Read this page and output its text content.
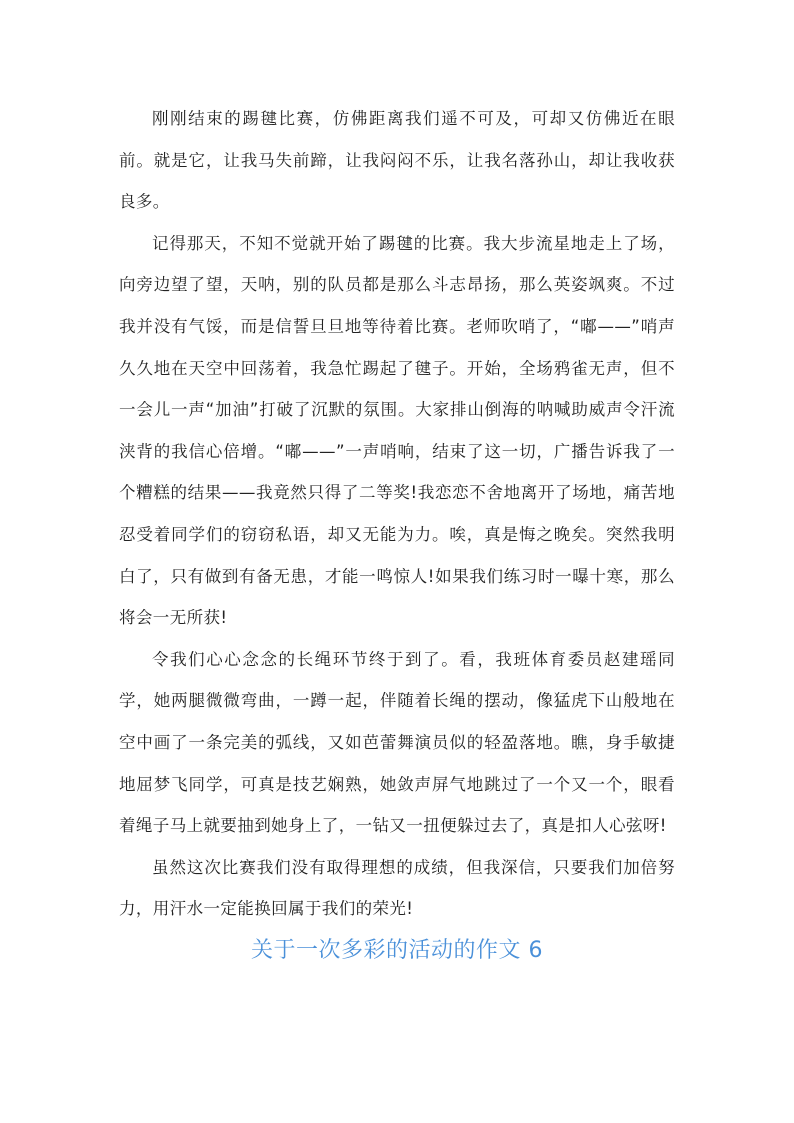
刚刚结束的踢毽比赛，仿佛距离我们遥不可及，可却又仿佛近在眼前。就是它，让我马失前蹄，让我闷闷不乐，让我名落孙山，却让我收获良多。

记得那天，不知不觉就开始了踢毽的比赛。我大步流星地走上了场，向旁边望了望，天呐，别的队员都是那么斗志昂扬，那么英姿飒爽。不过我并没有气馁，而是信誓旦旦地等待着比赛。老师吹哨了，“嘟——”哨声久久地在天空中回荡着，我急忙踢起了毽子。开始，全场鸦雀无声，但不一会儿一声“加油”打破了沉默的氛围。大家排山倒海的呐喊助威声令汗流浃背的我信心倍增。“嘟——”一声哨响，结束了这一切，广播告诉我了一个糟糕的结果——我竟然只得了二等奖!我恋恋不舍地离开了场地，痛苦地忍受着同学们的窃窃私语，却又无能为力。唉，真是悔之晚矣。突然我明白了，只有做到有备无患，才能一鸣惊人!如果我们练习时一曝十寒，那么将会一无所获!

令我们心心念念的长绳环节终于到了。看，我班体育委员赵建瑶同学，她两腿微微弯曲，一蹲一起，伴随着长绳的摆动，像猛虎下山般地在空中画了一条完美的弧线，又如芭蕾舞演员似的轻盈落地。瞧，身手敏捷地屈梦飞同学，可真是技艺娴熟，她敛声屏气地跳过了一个又一个，眼看着绳子马上就要抽到她身上了，一钻又一扭便躲过去了，真是扣人心弦呀!

虽然这次比赛我们没有取得理想的成绩，但我深信，只要我们加倍努力，用汗水一定能换回属于我们的荣光!

关于一次多彩的活动的作文 6
